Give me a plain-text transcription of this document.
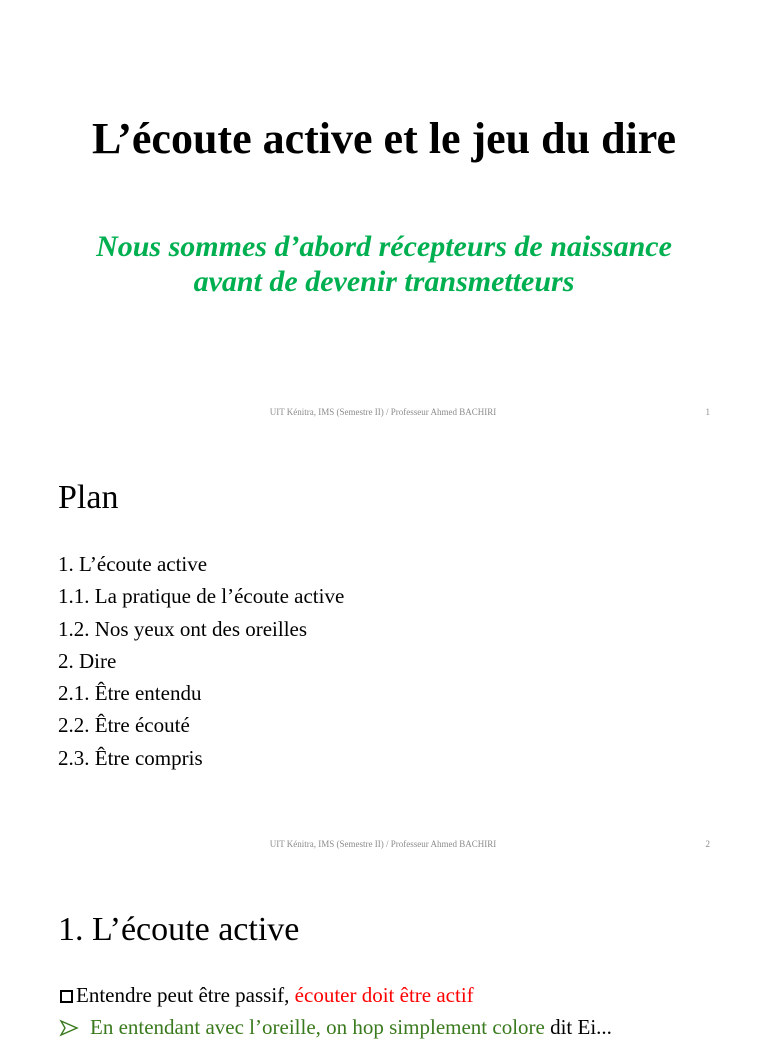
L’écoute active et le jeu du dire
Nous sommes d’abord récepteurs de naissance avant de devenir transmetteurs
UIT Kénitra, IMS (Semestre II) / Professeur Ahmed BACHIRI	1
Plan
1. L’écoute active
1.1. La pratique de l’écoute active
1.2. Nos yeux ont des oreilles
2. Dire
2.1. Être entendu
2.2. Être écouté
2.3. Être compris
UIT Kénitra, IMS (Semestre II) / Professeur Ahmed BACHIRI	2
1. L’écoute active
Entendre peut être passif, écouter doit être actif
En entendant avec l’oreille, on hop simplement colore dit Ei...
